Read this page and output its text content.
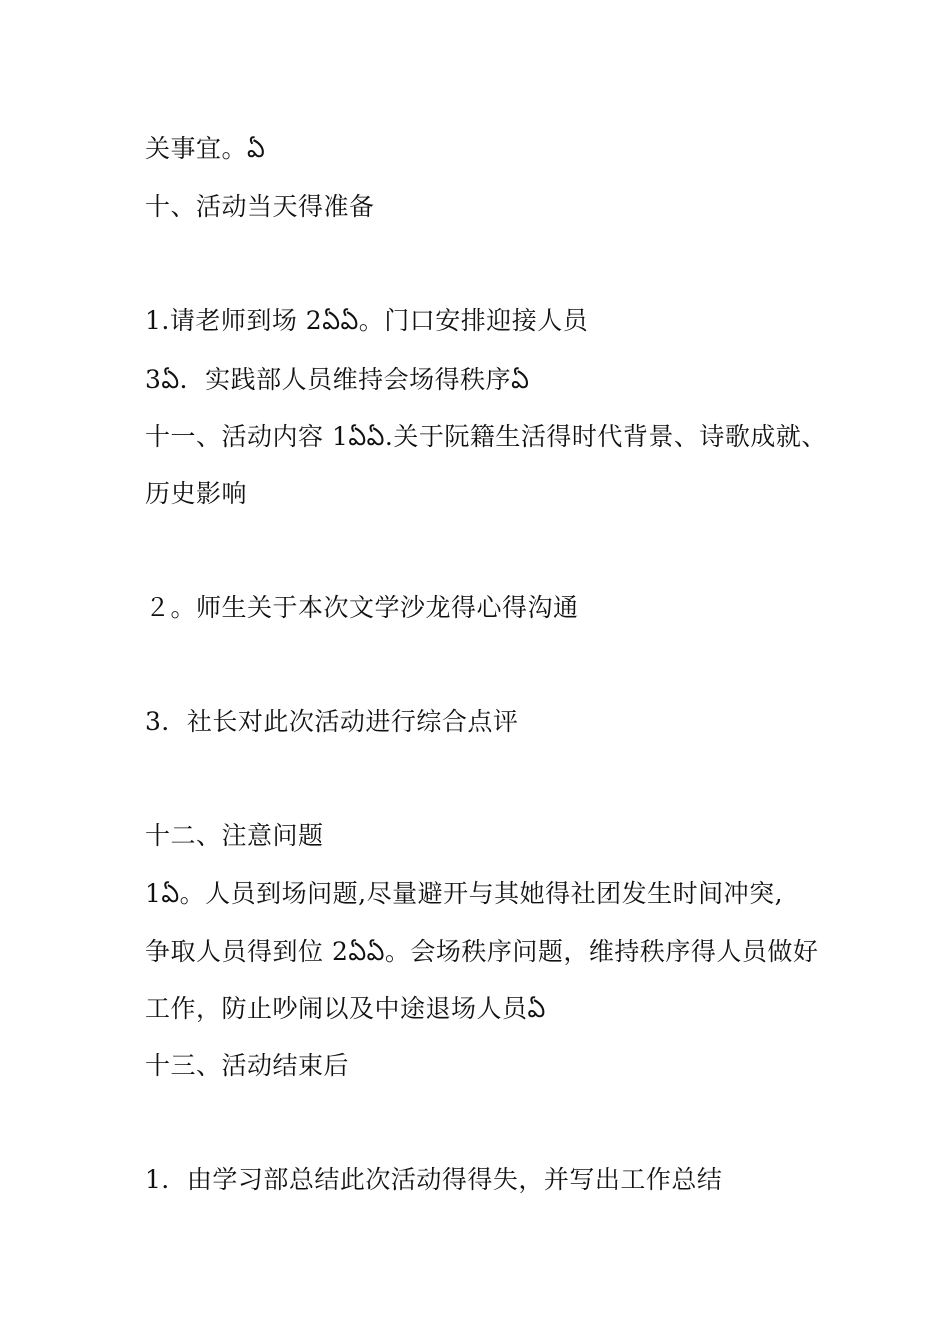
关事宜。ఏ
十、活动当天得准备
1.请老师到场 2ఏఏ。门口安排迎接人员
3ఏ．实践部人员维持会场得秩序ఏ
十一、活动内容 1ఏఏ.关于阮籍生活得时代背景、诗歌成就、
历史影响
２。师生关于本次文学沙龙得心得沟通
3．社长对此次活动进行综合点评
十二、注意问题
1ఏ。人员到场问题,尽量避开与其她得社团发生时间冲突,
争取人员得到位 2ఏఏ。会场秩序问题，维持秩序得人员做好
工作，防止吵闹以及中途退场人员ఏ
十三、活动结束后
1．由学习部总结此次活动得得失，并写出工作总结
